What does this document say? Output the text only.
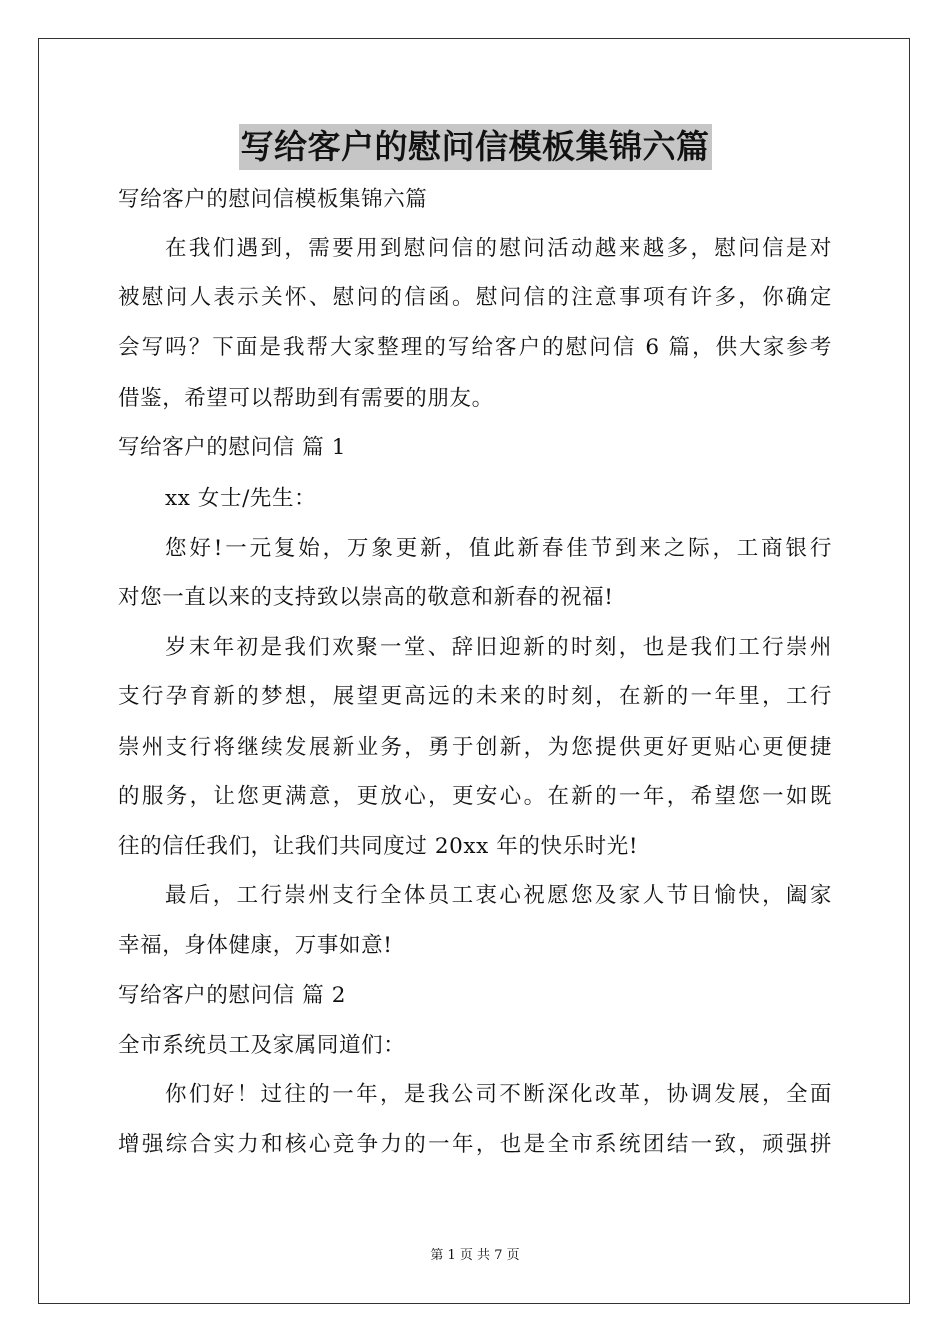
写给客户的慰问信模板集锦六篇
写给客户的慰问信模板集锦六篇
在我们遇到，需要用到慰问信的慰问活动越来越多，慰问信是对
被慰问人表示关怀、慰问的信函。慰问信的注意事项有许多，你确定
会写吗？下面是我帮大家整理的写给客户的慰问信 6 篇，供大家参考
借鉴，希望可以帮助到有需要的朋友。
写给客户的慰问信 篇 1
xx 女士/先生：
您好!一元复始，万象更新，值此新春佳节到来之际，工商银行
对您一直以来的支持致以崇高的敬意和新春的祝福!
岁末年初是我们欢聚一堂、辞旧迎新的时刻，也是我们工行崇州
支行孕育新的梦想，展望更高远的未来的时刻，在新的一年里，工行
崇州支行将继续发展新业务，勇于创新，为您提供更好更贴心更便捷
的服务，让您更满意，更放心，更安心。在新的一年，希望您一如既
往的信任我们，让我们共同度过 20xx 年的快乐时光!
最后，工行崇州支行全体员工衷心祝愿您及家人节日愉快，阖家
幸福，身体健康，万事如意!
写给客户的慰问信 篇 2
全市系统员工及家属同道们：
你们好！过往的一年，是我公司不断深化改革，协调发展，全面
增强综合实力和核心竞争力的一年，也是全市系统团结一致，顽强拼
第 1 页 共 7 页
